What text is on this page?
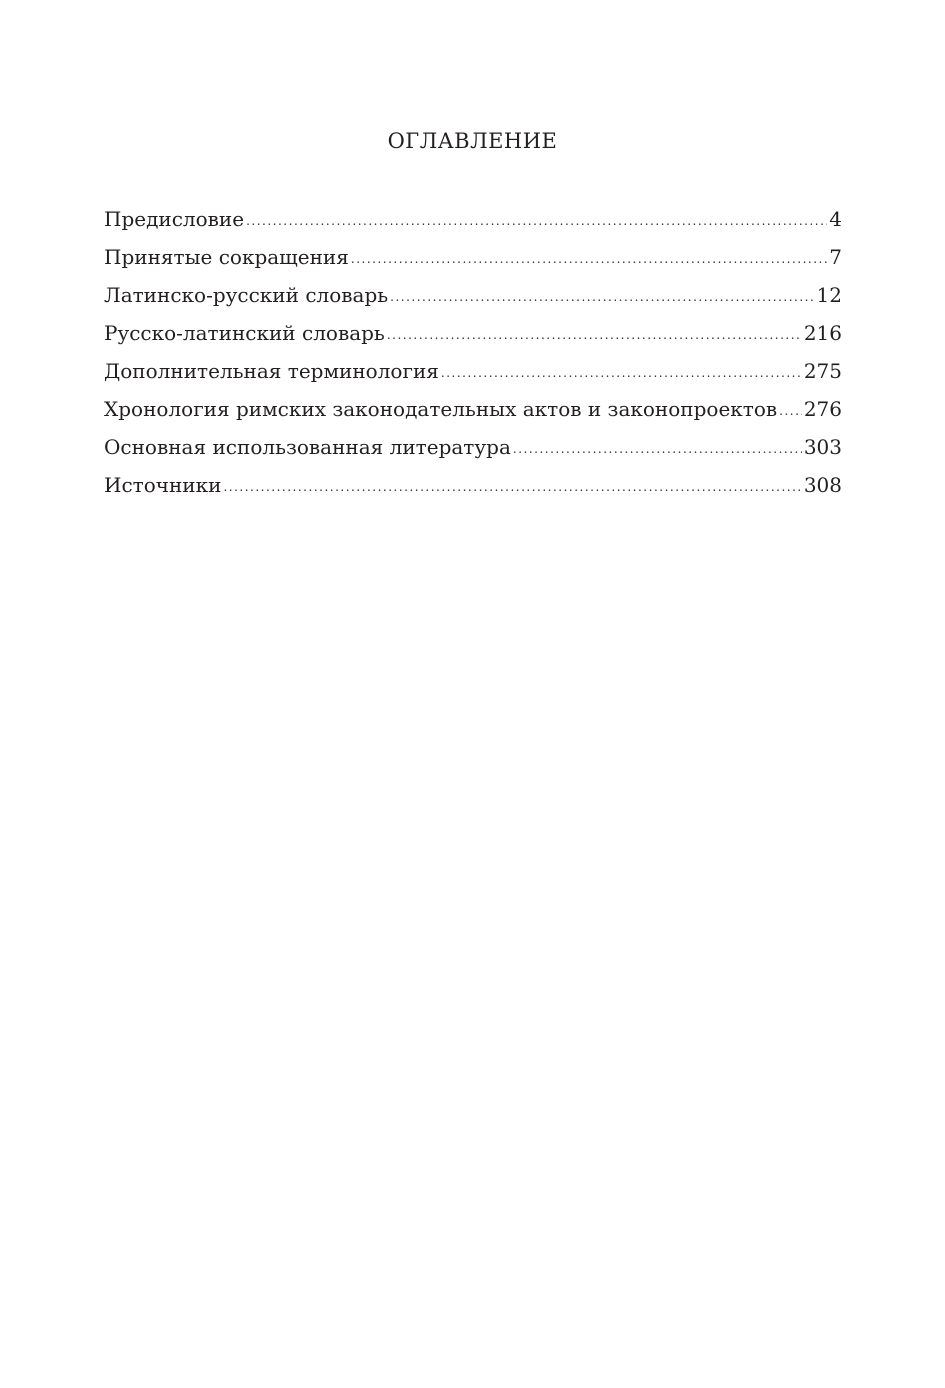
ОГЛАВЛЕНИЕ
Предисловие .....	4
Принятые сокращения .....	7
Латинско-русский словарь .....	12
Русско-латинский словарь .....	216
Дополнительная терминология .....	275
Хронология римских законодательных актов и законопроектов ..... 276
Основная использованная литература .....	303
Источники .....	308
